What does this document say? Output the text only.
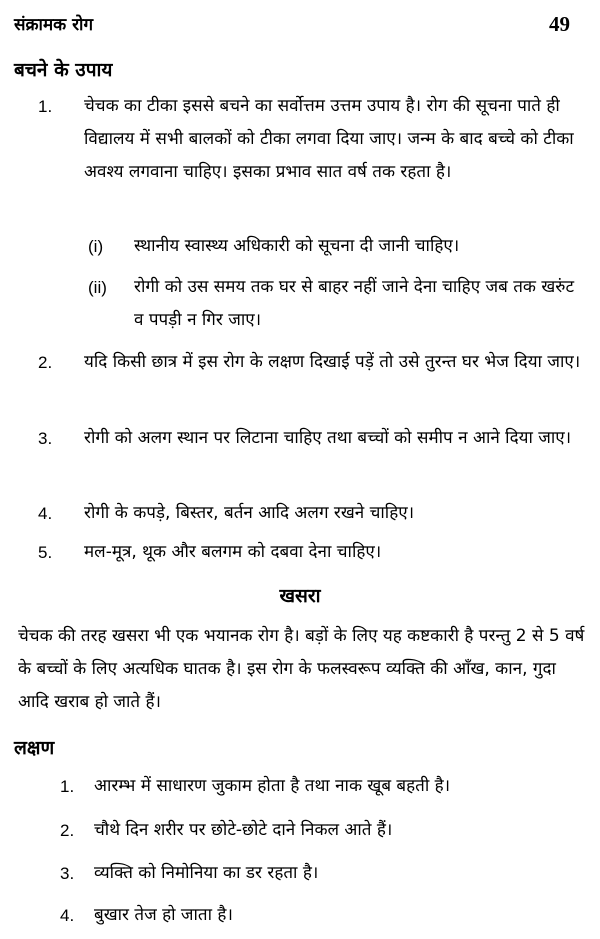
संक्रामक रोग	49
बचने के उपाय
1. चेचक का टीका इससे बचने का सर्वोत्तम उत्तम उपाय है। रोग की सूचना पाते ही विद्यालय में सभी बालकों को टीका लगवा दिया जाए। जन्म के बाद बच्चे को टीका अवश्य लगवाना चाहिए। इसका प्रभाव सात वर्ष तक रहता है।
(i) स्थानीय स्वास्थ्य अधिकारी को सूचना दी जानी चाहिए।
(ii) रोगी को उस समय तक घर से बाहर नहीं जाने देना चाहिए जब तक खरुंट व पपड़ी न गिर जाए।
2. यदि किसी छात्र में इस रोग के लक्षण दिखाई पड़ें तो उसे तुरन्त घर भेज दिया जाए।
3. रोगी को अलग स्थान पर लिटाना चाहिए तथा बच्चों को समीप न आने दिया जाए।
4. रोगी के कपड़े, बिस्तर, बर्तन आदि अलग रखने चाहिए।
5. मल-मूत्र, थूक और बलगम को दबवा देना चाहिए।
खसरा
चेचक की तरह खसरा भी एक भयानक रोग है। बड़ों के लिए यह कष्टकारी है परन्तु 2 से 5 वर्ष के बच्चों के लिए अत्यधिक घातक है। इस रोग के फलस्वरूप व्यक्ति की आँख, कान, गुदा आदि खराब हो जाते हैं।
लक्षण
1. आरम्भ में साधारण जुकाम होता है तथा नाक खूब बहती है।
2. चौथे दिन शरीर पर छोटे-छोटे दाने निकल आते हैं।
3. व्यक्ति को निमोनिया का डर रहता है।
4. बुखार तेज हो जाता है।
